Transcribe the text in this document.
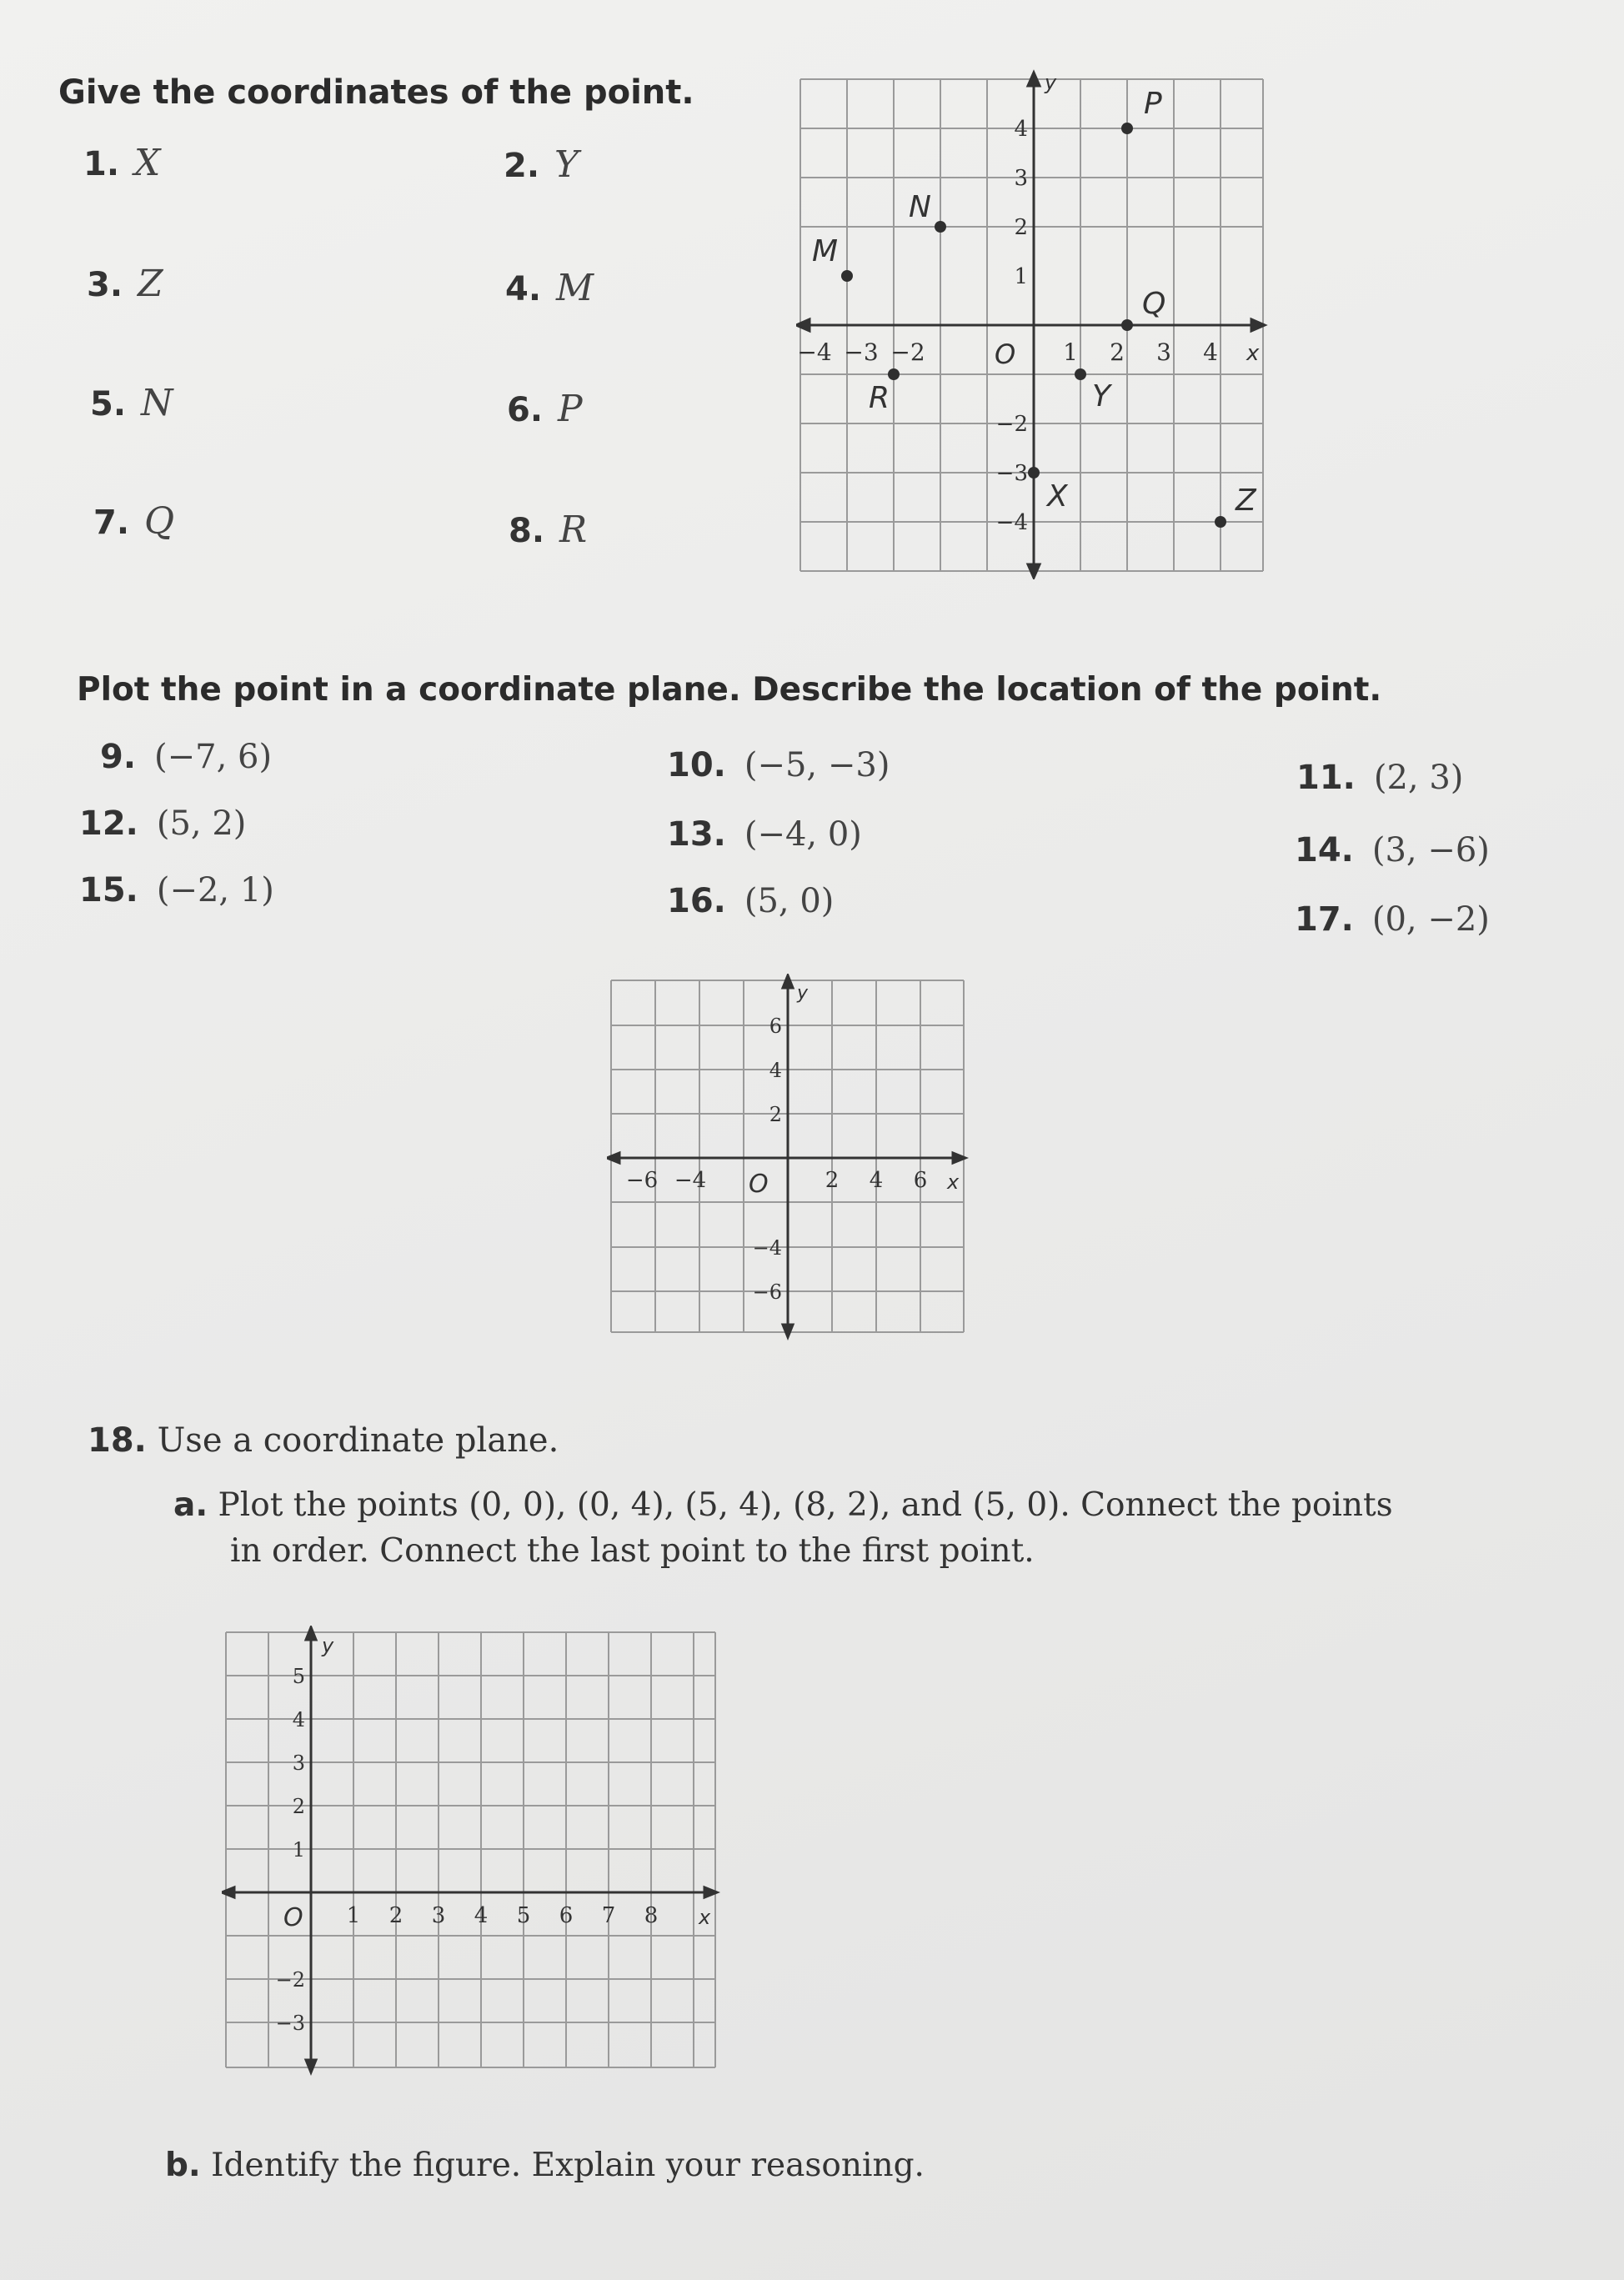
Give the coordinates of the point.
1. X	2. Y
3. Z	4. M
5. N	6. P
7. Q	8. R
x
y
O
−4 −3 −2	1 2 3 4
4
3
2
1
−2
−3
−4
P
N
M
Q
Y
R
X	Z
Plot the point in a coordinate plane. Describe the location of the point.
9. (−7, 6)	10. (−5, −3)	11. (2, 3)
12. (5, 2)	13. (−4, 0)	14. (3, −6)
15. (−2, 1)	16. (5, 0)	17. (0, −2)
x
y
O
−6 −4	2 4 6
6
4
2
−4
−6
18. Use a coordinate plane.
a. Plot the points (0, 0), (0, 4), (5, 4), (8, 2), and (5, 0). Connect the points
in order. Connect the last point to the first point.
x
y
O 1 2 3 4 5 6 7 8
5
4
3
2
1
−2
−3
b. Identify the figure. Explain your reasoning.
